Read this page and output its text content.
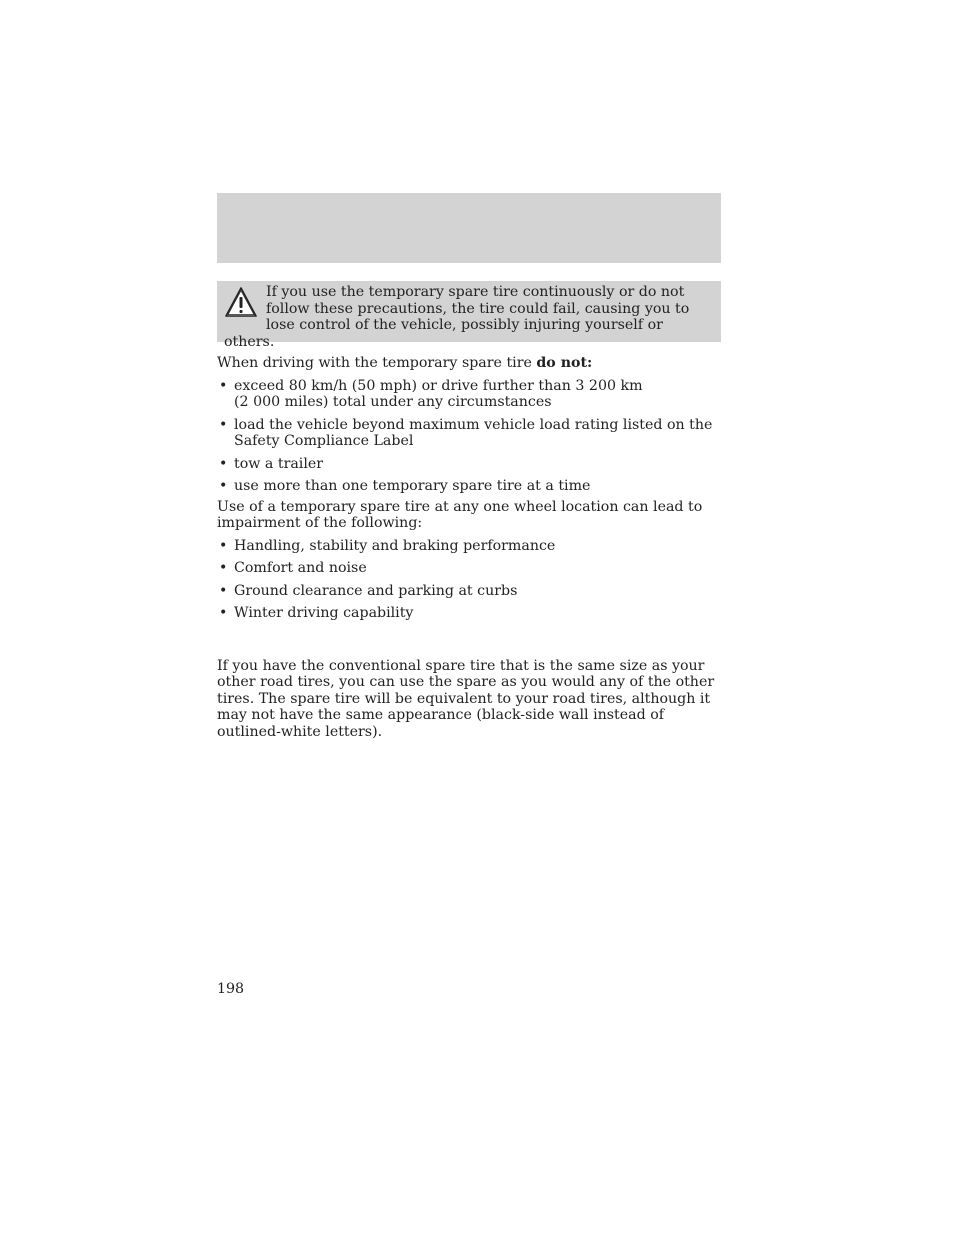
If you use the temporary spare tire continuously or do not follow these precautions, the tire could fail, causing you to lose control of the vehicle, possibly injuring yourself or others.

When driving with the temporary spare tire do not:

• exceed 80 km/h (50 mph) or drive further than 3 200 km
(2 000 miles) total under any circumstances
• load the vehicle beyond maximum vehicle load rating listed on the
Safety Compliance Label
• tow a trailer
• use more than one temporary spare tire at a time

Use of a temporary spare tire at any one wheel location can lead to impairment of the following:

• Handling, stability and braking performance
• Comfort and noise
• Ground clearance and parking at curbs
• Winter driving capability

If you have the conventional spare tire that is the same size as your other road tires, you can use the spare as you would any of the other tires. The spare tire will be equivalent to your road tires, although it may not have the same appearance (black-side wall instead of outlined-white letters).

198
